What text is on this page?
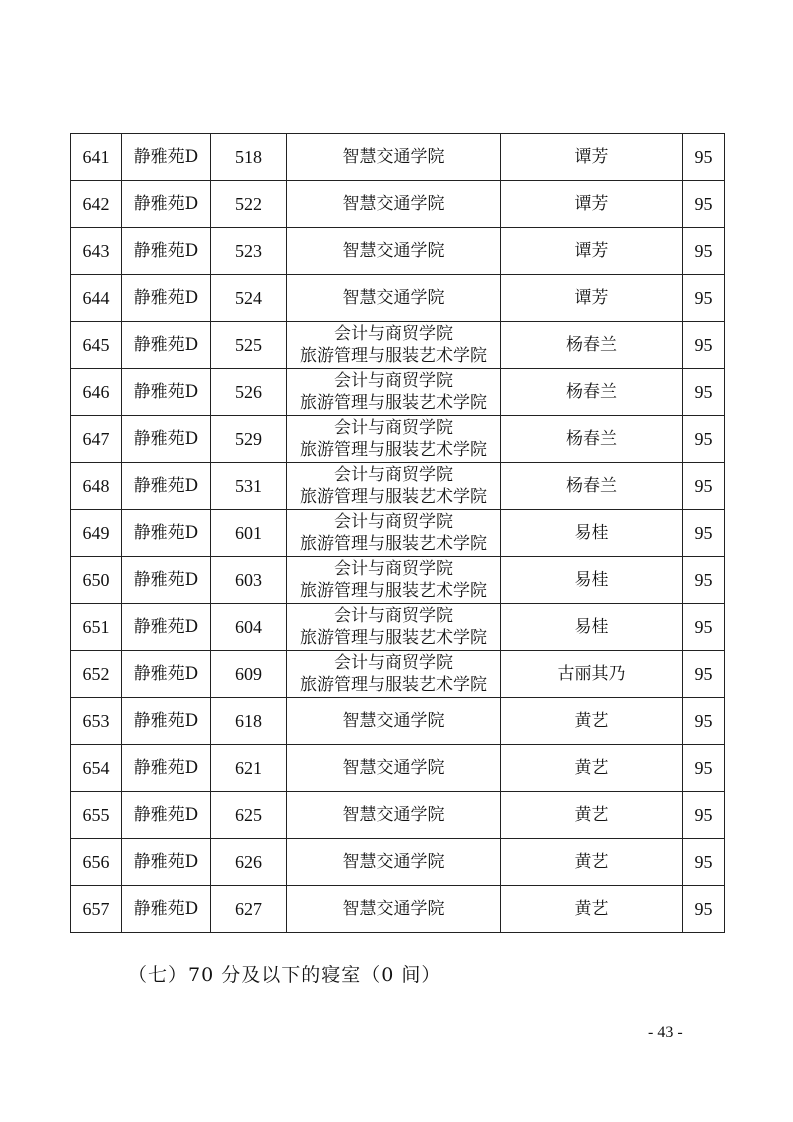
641	静雅苑D	518	智慧交通学院	谭芳	95
642	静雅苑D	522	智慧交通学院	谭芳	95
643	静雅苑D	523	智慧交通学院	谭芳	95
644	静雅苑D	524	智慧交通学院	谭芳	95
645	静雅苑D	525	会计与商贸学院
旅游管理与服装艺术学院	杨春兰	95
646	静雅苑D	526	会计与商贸学院
旅游管理与服装艺术学院	杨春兰	95
647	静雅苑D	529	会计与商贸学院
旅游管理与服装艺术学院	杨春兰	95
648	静雅苑D	531	会计与商贸学院
旅游管理与服装艺术学院	杨春兰	95
649	静雅苑D	601	会计与商贸学院
旅游管理与服装艺术学院	易桂	95
650	静雅苑D	603	会计与商贸学院
旅游管理与服装艺术学院	易桂	95
651	静雅苑D	604	会计与商贸学院
旅游管理与服装艺术学院	易桂	95
652	静雅苑D	609	会计与商贸学院
旅游管理与服装艺术学院	古丽其乃	95
653	静雅苑D	618	智慧交通学院	黄艺	95
654	静雅苑D	621	智慧交通学院	黄艺	95
655	静雅苑D	625	智慧交通学院	黄艺	95
656	静雅苑D	626	智慧交通学院	黄艺	95
657	静雅苑D	627	智慧交通学院	黄艺	95
（七）70 分及以下的寝室（0 间）
- 43 -
